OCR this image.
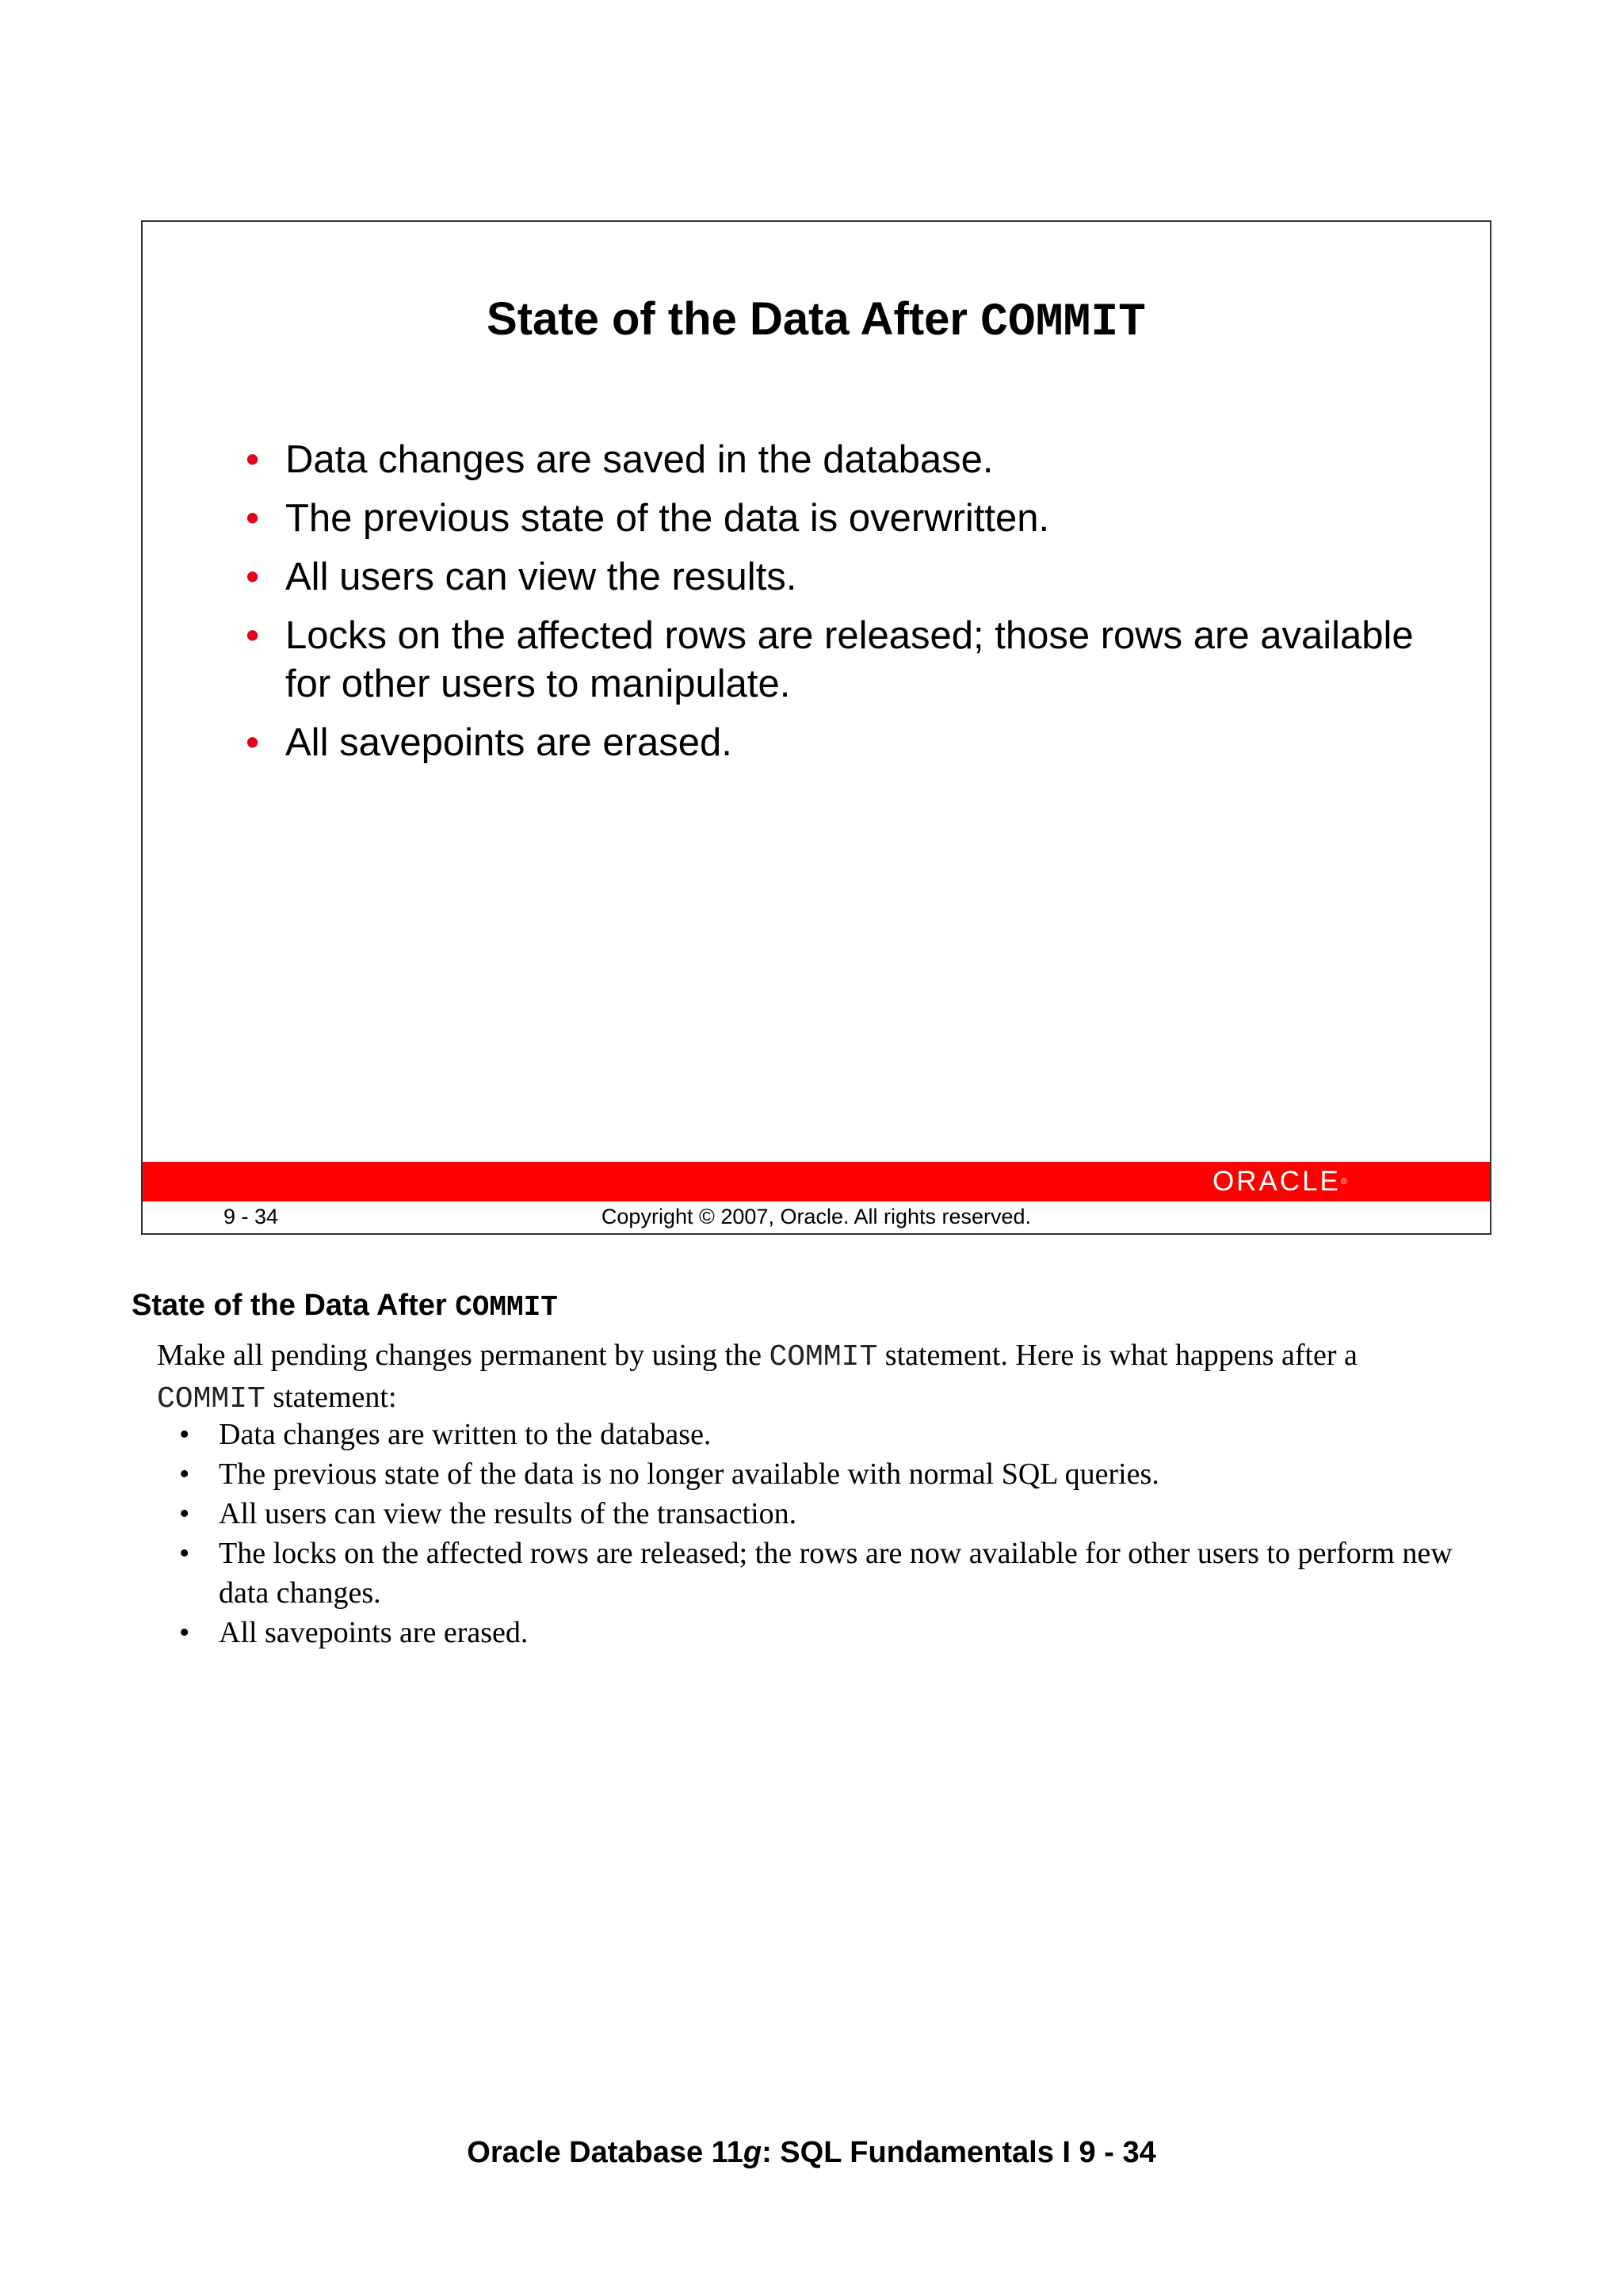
State of the Data After COMMIT
• Data changes are saved in the database.
• The previous state of the data is overwritten.
• All users can view the results.
• Locks on the affected rows are released; those rows are available for other users to manipulate.
• All savepoints are erased.
ORACLE®
9 - 34	Copyright © 2007, Oracle. All rights reserved.
State of the Data After COMMIT
Make all pending changes permanent by using the COMMIT statement. Here is what happens after a
COMMIT statement:
• Data changes are written to the database.
• The previous state of the data is no longer available with normal SQL queries.
• All users can view the results of the transaction.
• The locks on the affected rows are released; the rows are now available for other users to perform new data changes.
• All savepoints are erased.
Oracle Database 11g: SQL Fundamentals I 9 - 34
